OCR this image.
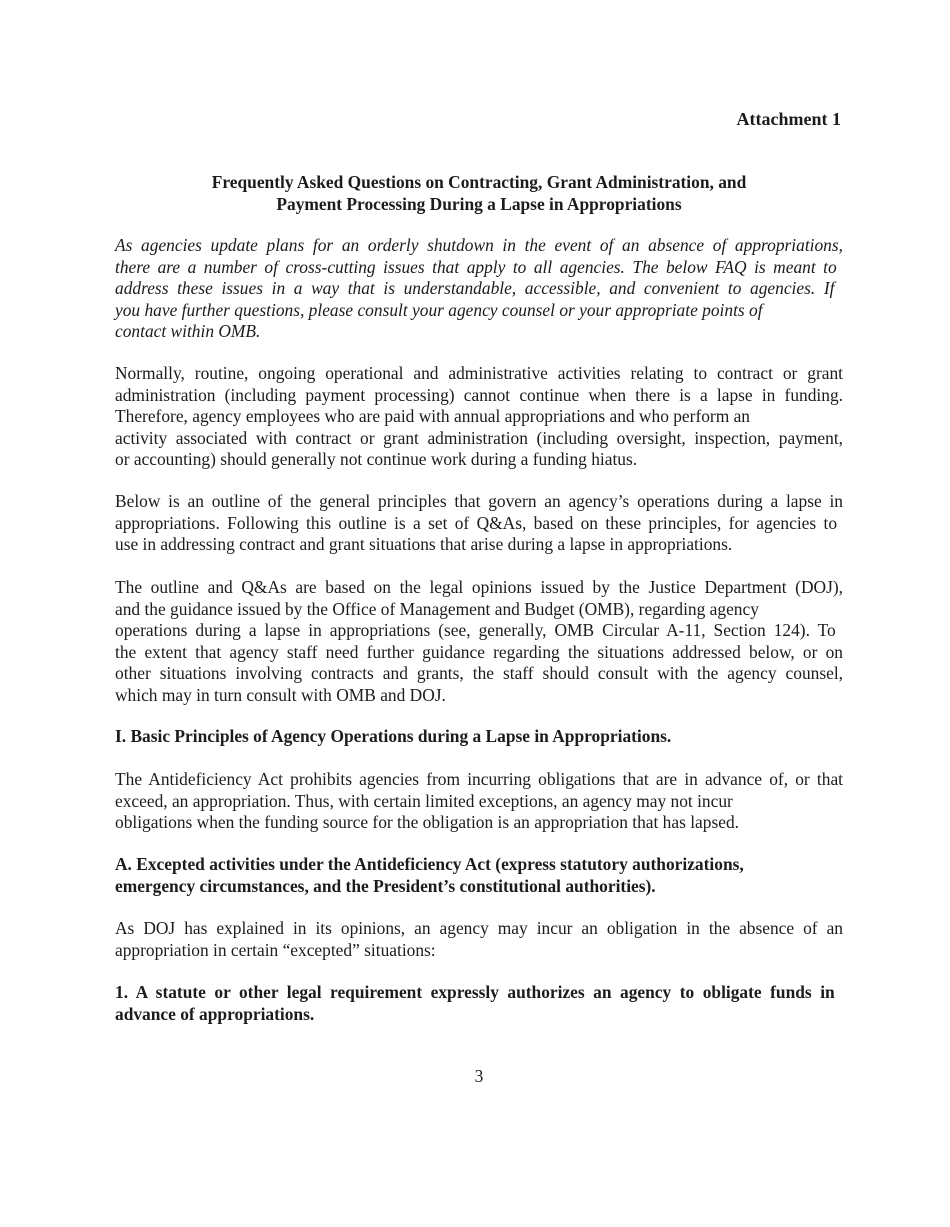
Attachment 1
Frequently Asked Questions on Contracting, Grant Administration, and
Payment Processing During a Lapse in Appropriations
As agencies update plans for an orderly shutdown in the event of an absence of appropriations,
there are a number of cross-cutting issues that apply to all agencies. The below FAQ is meant to
address these issues in a way that is understandable, accessible, and convenient to agencies. If
you have further questions, please consult your agency counsel or your appropriate points of
contact within OMB.
Normally, routine, ongoing operational and administrative activities relating to contract or grant
administration (including payment processing) cannot continue when there is a lapse in funding.
Therefore, agency employees who are paid with annual appropriations and who perform an
activity associated with contract or grant administration (including oversight, inspection, payment,
or accounting) should generally not continue work during a funding hiatus.
Below is an outline of the general principles that govern an agency’s operations during a lapse in
appropriations. Following this outline is a set of Q&As, based on these principles, for agencies to
use in addressing contract and grant situations that arise during a lapse in appropriations.
The outline and Q&As are based on the legal opinions issued by the Justice Department (DOJ),
and the guidance issued by the Office of Management and Budget (OMB), regarding agency
operations during a lapse in appropriations (see, generally, OMB Circular A-11, Section 124). To
the extent that agency staff need further guidance regarding the situations addressed below, or on
other situations involving contracts and grants, the staff should consult with the agency counsel,
which may in turn consult with OMB and DOJ.
I. Basic Principles of Agency Operations during a Lapse in Appropriations.
The Antideficiency Act prohibits agencies from incurring obligations that are in advance of, or that
exceed, an appropriation. Thus, with certain limited exceptions, an agency may not incur
obligations when the funding source for the obligation is an appropriation that has lapsed.
A. Excepted activities under the Antideficiency Act (express statutory authorizations,
emergency circumstances, and the President’s constitutional authorities).
As DOJ has explained in its opinions, an agency may incur an obligation in the absence of an
appropriation in certain “excepted” situations:
1. A statute or other legal requirement expressly authorizes an agency to obligate funds in
advance of appropriations.
3
